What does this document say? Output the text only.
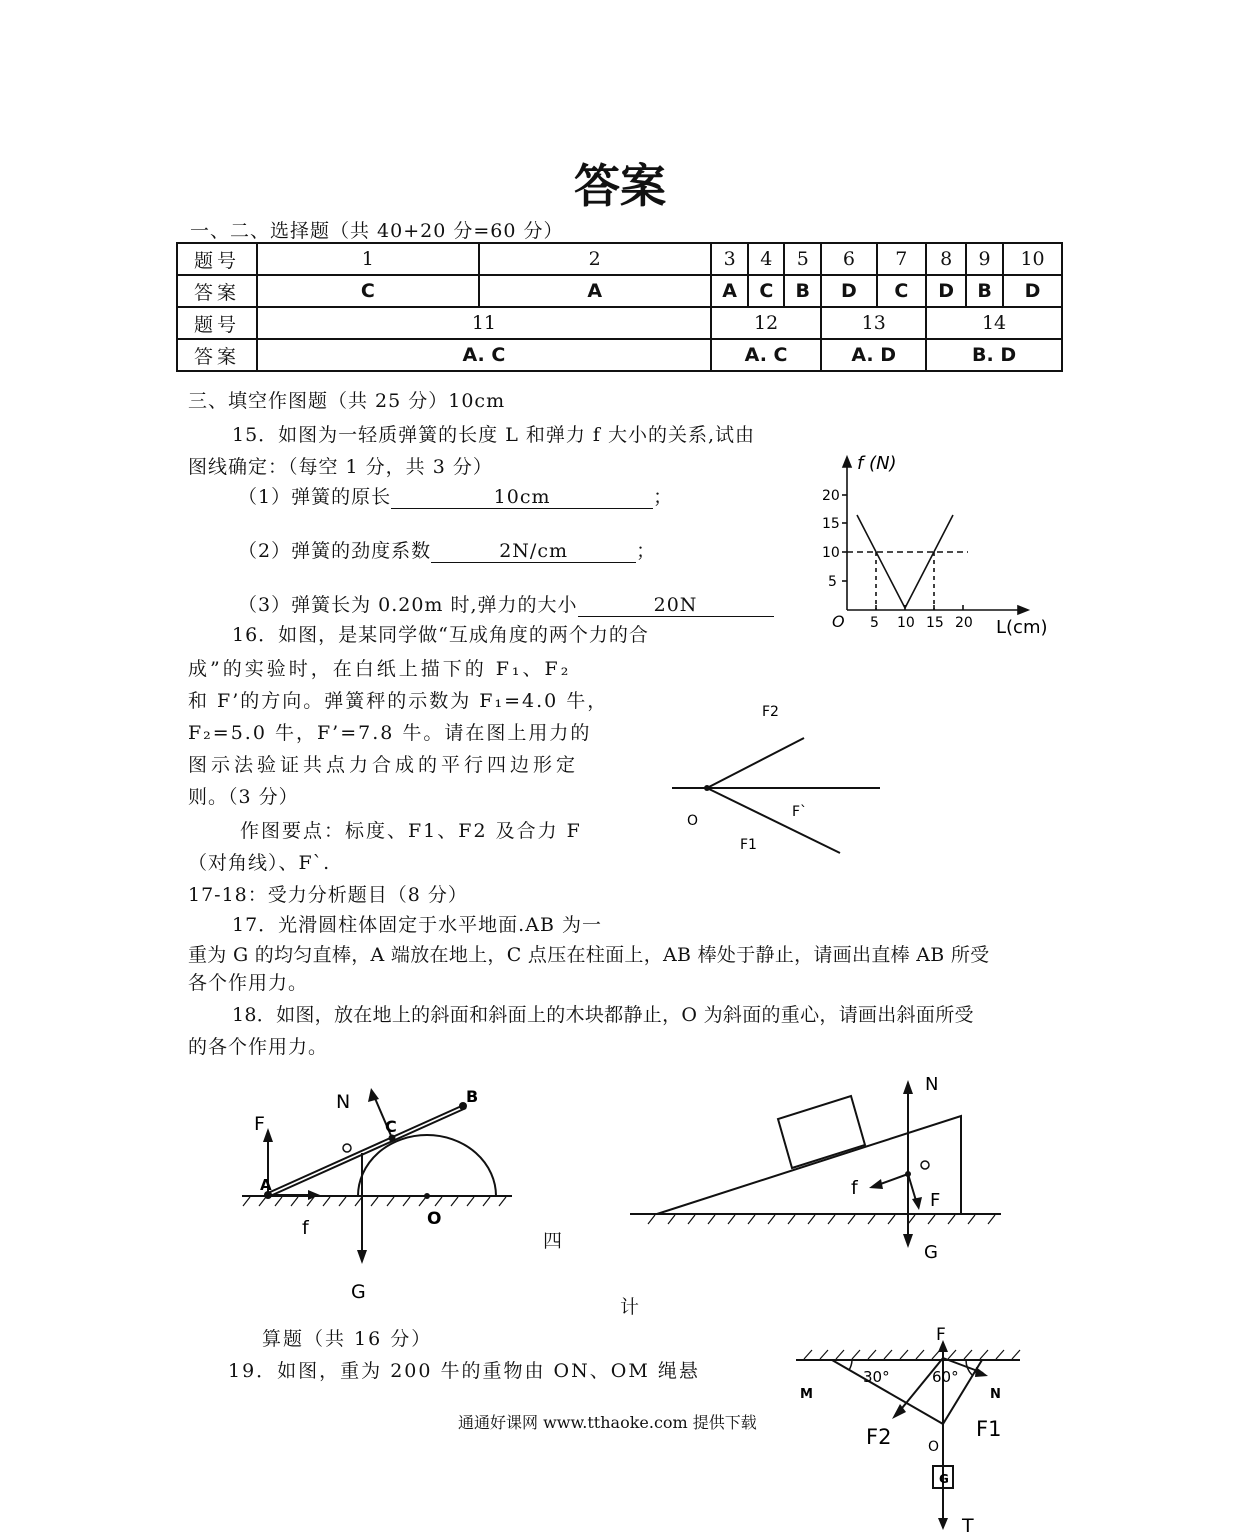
答案
一、二、选择题（共 40+20 分=60 分）
题号	1	2	3	4	5	6	7	8	9	10
答案	C	A	A	C	B	D	C	D	B	D
题号	11		12			13		14		
答案	A. C		A. C			A. D		B. D		
三、填空作图题（共 25 分）10cm
15．如图为一轻质弹簧的长度 L 和弹力 f 大小的关系,试由
图线确定：（每空 1 分，共 3 分）
（1）弹簧的原长	10cm	；
（2）弹簧的劲度系数	2N/cm	；
（3）弹簧长为 0.20m 时,弹力的大小	20N
f (N)
L(cm)
O 5 10 15 20
5
10
15
20
16．如图，是某同学做“互成角度的两个力的合
成”的实验时，在白纸上描下的 F₁、F₂
和 F’的方向。弹簧秤的示数为 F₁=4.0 牛，
F₂=5.0 牛，F’=7.8 牛。请在图上用力的
图示法验证共点力合成的平行四边形定
则。（3 分）
作图要点：标度、F1、F2 及合力 F
（对角线）、F`.
F2
F`
O
F1
17-18：受力分析题目（8 分）
17．光滑圆柱体固定于水平地面.AB 为一
重为 G 的均匀直棒，A 端放在地上，C 点压在柱面上，AB 棒处于静止，请画出直棒 AB 所受
各个作用力。
18．如图，放在地上的斜面和斜面上的木块都静止，O 为斜面的重心，请画出斜面所受
的各个作用力。
F
N
C
B
A
f	O
G
N
f
F
G
四
计
算题（共 16 分）
19．如图，重为 200 牛的重物由 ON、OM 绳悬
通通好课网 www.tthaoke.com 提供下载
F
30°	60°
M	N
F2	F1
O
G
T
